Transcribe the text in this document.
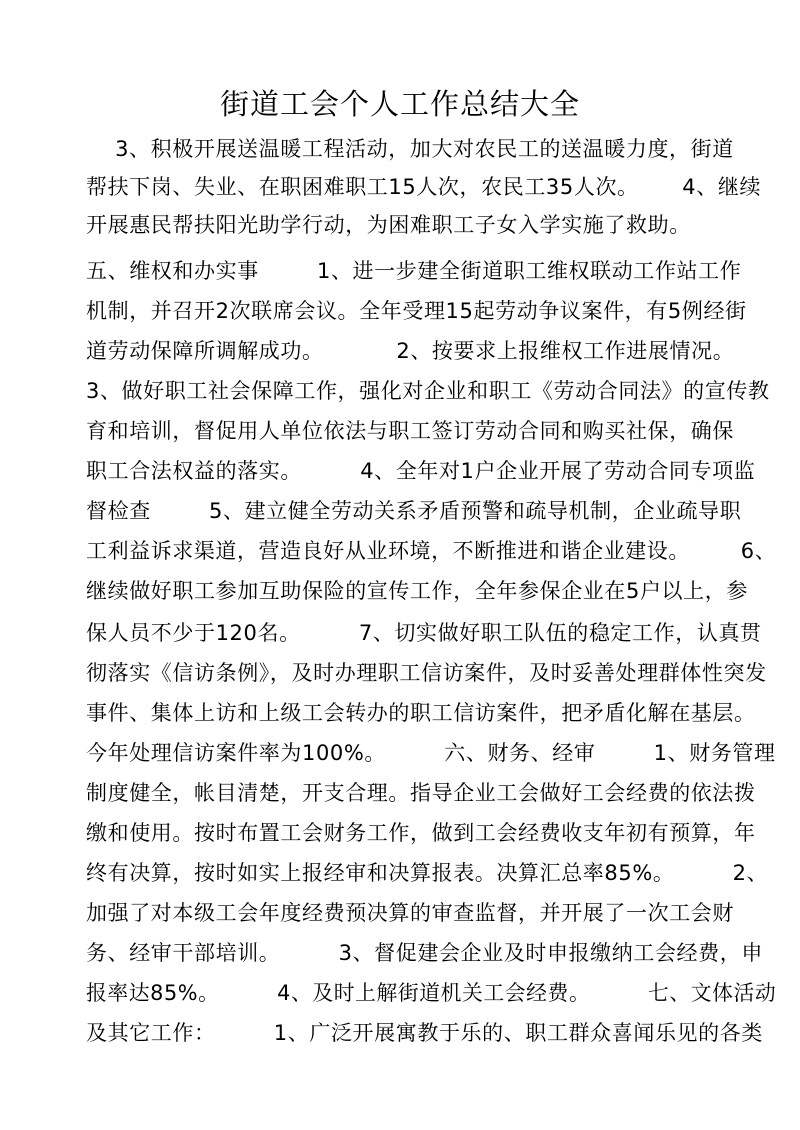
街道工会个人工作总结大全
3、积极开展送温暖工程活动，加大对农民工的送温暖力度，街道
帮扶下岗、失业、在职困难职工15人次，农民工35人次。      4、继续
开展惠民帮扶阳光助学行动，为困难职工子女入学实施了救助。
五、维权和办实事        1、进一步建全街道职工维权联动工作站工作
机制，并召开2次联席会议。全年受理15起劳动争议案件，有5例经街
道劳动保障所调解成功。          2、按要求上报维权工作进展情况。
3、做好职工社会保障工作，强化对企业和职工《劳动合同法》的宣传教
育和培训，督促用人单位依法与职工签订劳动合同和购买社保，确保
职工合法权益的落实。        4、全年对1户企业开展了劳动合同专项监
督检查        5、建立健全劳动关系矛盾预警和疏导机制，企业疏导职
工利益诉求渠道，营造良好从业环境，不断推进和谐企业建设。       6、
继续做好职工参加互助保险的宣传工作，全年参保企业在5户以上，参
保人员不少于120名。        7、切实做好职工队伍的稳定工作，认真贯
彻落实《信访条例》，及时办理职工信访案件，及时妥善处理群体性突发
事件、集体上访和上级工会转办的职工信访案件，把矛盾化解在基层。
今年处理信访案件率为100%。        六、财务、经审        1、财务管理
制度健全，帐目清楚，开支合理。指导企业工会做好工会经费的依法拨
缴和使用。按时布置工会财务工作，做到工会经费收支年初有预算，年
终有决算，按时如实上报经审和决算报表。决算汇总率85%。        2、
加强了对本级工会年度经费预决算的审查监督，并开展了一次工会财
务、经审干部培训。        3、督促建会企业及时申报缴纳工会经费，申
报率达85%。        4、及时上解街道机关工会经费。        七、文体活动
及其它工作：        1、广泛开展寓教于乐的、职工群众喜闻乐见的各类
